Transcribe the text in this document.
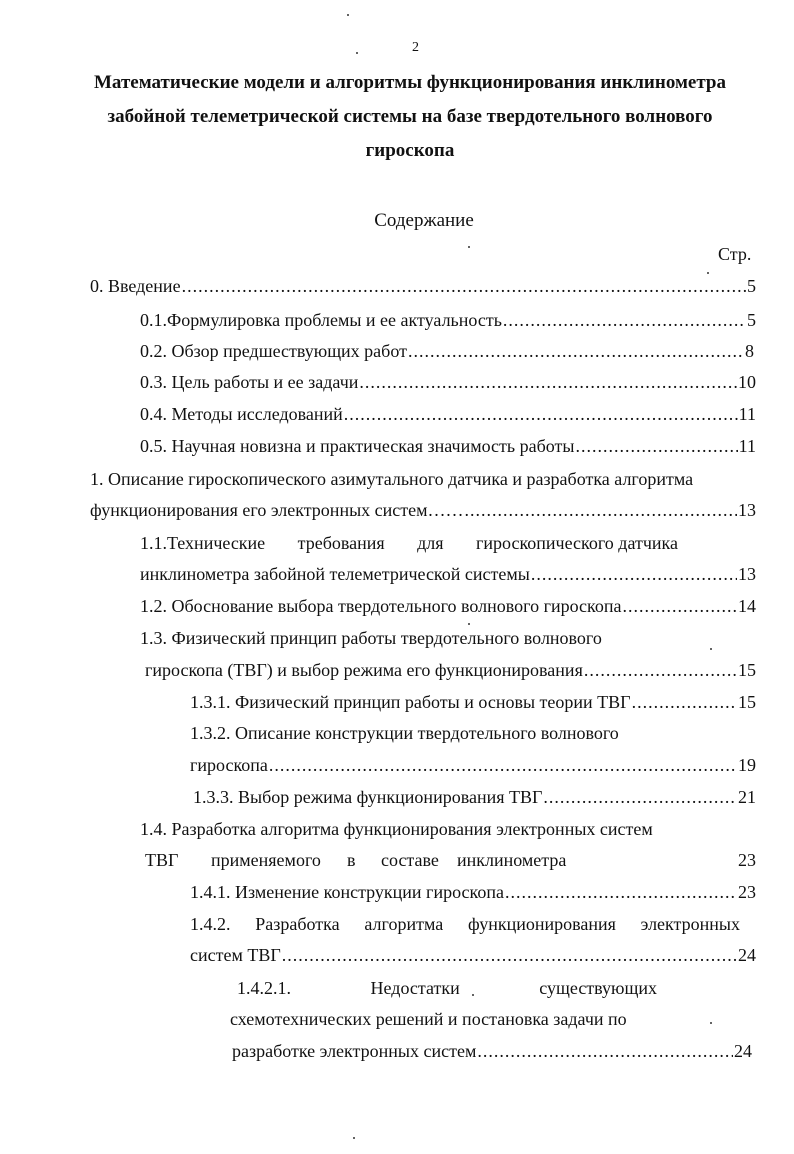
2
Математические модели и алгоритмы функционирования инклинометра
забойной телеметрической системы на базе твердотельного волнового
гироскопа
Содержание
Стр.
0. Введение .....	5
0.1.Формулировка проблемы и ее актуальность .....	5
0.2. Обзор предшествующих работ .....	8
0.3. Цель работы и ее задачи .....	10
0.4. Методы исследований .....	11
0.5. Научная новизна и практическая значимость работы .....	11
1. Описание гироскопического азимутального датчика и разработка алгоритма
функционирования его электронных систем…… .....	13
1.1.Технические требования для гироскопического датчика
инклинометра забойной телеметрической системы .....	13
1.2. Обоснование выбора твердотельного волнового гироскопа .....	14
1.3. Физический принцип работы твердотельного волнового
гироскопа (ТВГ) и выбор режима его функционирования .....	15
1.3.1. Физический принцип работы и основы теории ТВГ .....	15
1.3.2. Описание конструкции твердотельного волнового
гироскопа .....	19
1.3.3. Выбор режима функционирования ТВГ .....	21
1.4. Разработка алгоритма функционирования электронных систем
ТВГ	применяемого	в	составе	инклинометра	23
1.4.1. Изменение конструкции гироскопа .....	23
1.4.2. Разработка алгоритма функционирования электронных
систем ТВГ .....	24
1.4.2.1.	Недостатки	существующих
схемотехнических решений и постановка задачи по
разработке электронных систем .....	24
